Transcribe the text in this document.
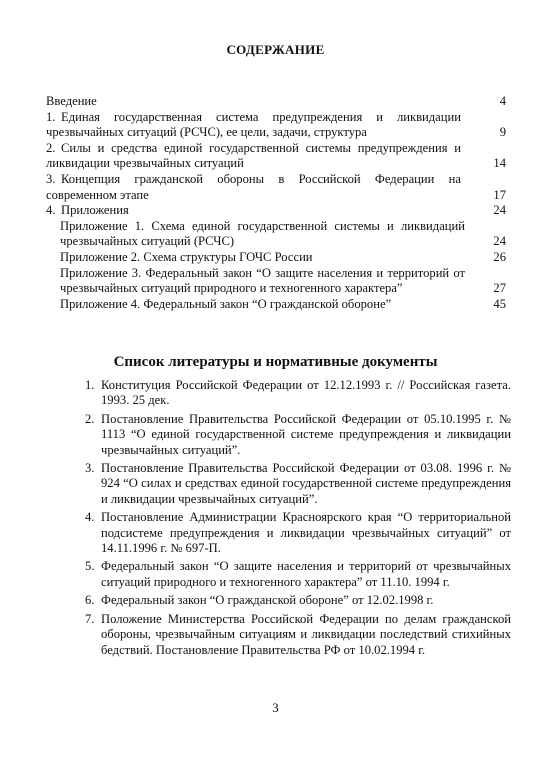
СОДЕРЖАНИЕ
Введение	4
1. Единая государственная система предупреждения и ликвидации чрезвычайных ситуаций (РСЧС), ее цели, задачи, структура	9
2. Силы и средства единой государственной системы предупреждения и ликвидации чрезвычайных ситуаций	14
3. Концепция гражданской обороны в Российской Федерации на современном этапе	17
4. Приложения	24
Приложение 1. Схема единой государственной системы и ликвидаций чрезвычайных ситуаций (РСЧС)	24
Приложение 2. Схема структуры ГОЧС России	26
Приложение 3. Федеральный закон “О защите населения и территорий от чрезвычайных ситуаций природного и техногенного характера”	27
Приложение 4. Федеральный закон “О гражданской обороне”	45
Список литературы и нормативные документы
1. Конституция Российской Федерации от 12.12.1993 г. // Российская газета. 1993. 25 дек.
2. Постановление Правительства Российской Федерации от 05.10.1995 г. № 1113 “О единой государственной системе предупреждения и ликвидации чрезвычайных ситуаций”.
3. Постановление Правительства Российской Федерации от 03.08. 1996 г. № 924 “О силах и средствах единой государственной системе предупреждения и ликвидации чрезвычайных ситуаций”.
4. Постановление Администрации Красноярского края “О территориальной подсистеме предупреждения и ликвидации чрезвычайных ситуаций” от 14.11.1996 г. № 697-П.
5. Федеральный закон “О защите населения и территорий от чрезвычайных ситуаций природного и техногенного характера” от 11.10. 1994 г.
6. Федеральный закон “О гражданской обороне” от 12.02.1998 г.
7. Положение Министерства Российской Федерации по делам гражданской обороны, чрезвычайным ситуациям и ликвидации последствий стихийных бедствий. Постановление Правительства РФ от 10.02.1994 г.
3
